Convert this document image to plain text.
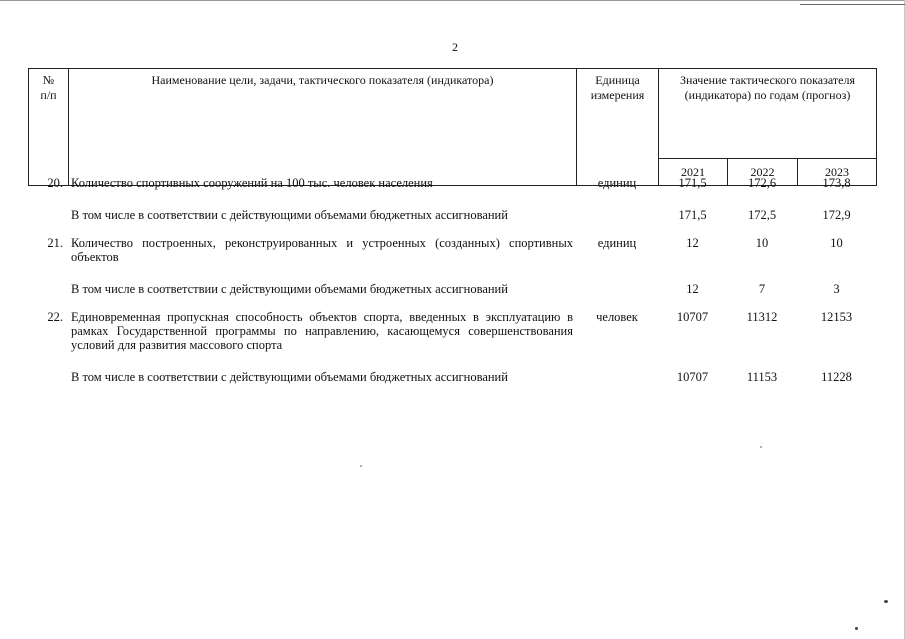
2
№
п/п	Наименование цели, задачи, тактического показателя (индикатора)	Единица измерения	Значение тактического показателя (индикатора) по годам (прогноз)		
			2021	2022	2023
20.	Количество спортивных сооружений на 100 тыс. человек населения	единиц	171,5	172,6	173,8

	В том числе в соответствии с действующими объемами бюджетных ассигнований		171,5	172,5	172,9

21.	Количество построенных, реконструированных и устроенных (созданных) спортивных объектов	единиц	12	10	10

	В том числе в соответствии с действующими объемами бюджетных ассигнований		12	7	3

22.	Единовременная пропускная способность объектов спорта, введенных в эксплуатацию в рамках Государственной программы по направлению, касающемуся совершенствования условий для развития массового спорта	человек	10707	11312	12153

	В том числе в соответствии с действующими объемами бюджетных ассигнований		10707	11153	11228
